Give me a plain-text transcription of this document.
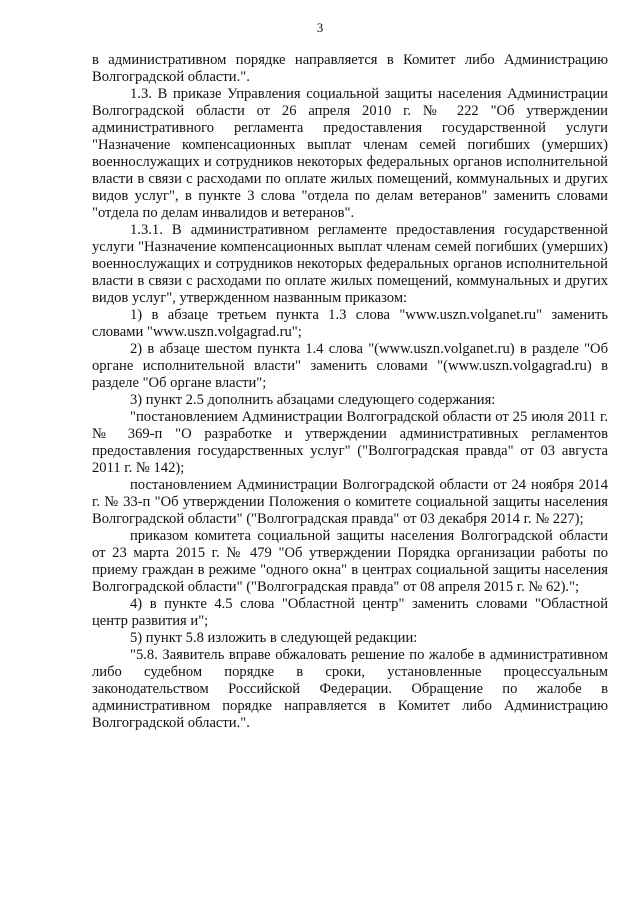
3

в административном порядке направляется в Комитет либо Администрацию Волгоградской области.".

1.3. В приказе Управления социальной защиты населения Администрации Волгоградской области от 26 апреля 2010 г. № 222 "Об утверждении административного регламента предоставления государственной услуги "Назначение компенсационных выплат членам семей погибших (умерших) военнослужащих и сотрудников некоторых федеральных органов исполнительной власти в связи с расходами по оплате жилых помещений, коммунальных и других видов услуг", в пункте 3 слова "отдела по делам ветеранов" заменить словами "отдела по делам инвалидов и ветеранов".

1.3.1. В административном регламенте предоставления государственной услуги "Назначение компенсационных выплат членам семей погибших (умерших) военнослужащих и сотрудников некоторых федеральных органов исполнительной власти в связи с расходами по оплате жилых помещений, коммунальных и других видов услуг", утвержденном названным приказом:

1) в абзаце третьем пункта 1.3 слова "www.uszn.volganet.ru" заменить словами "www.uszn.volgagrad.ru";

2) в абзаце шестом пункта 1.4 слова "(www.uszn.volganet.ru) в разделе "Об органе исполнительной власти" заменить словами "(www.uszn.volgagrad.ru) в разделе "Об органе власти";

3) пункт 2.5 дополнить абзацами следующего содержания:

"постановлением Администрации Волгоградской области от 25 июля 2011 г. № 369-п "О разработке и утверждении административных регламентов предоставления государственных услуг" ("Волгоградская правда" от 03 августа 2011 г. № 142);

постановлением Администрации Волгоградской области от 24 ноября 2014 г. № 33-п "Об утверждении Положения о комитете социальной защиты населения Волгоградской области" ("Волгоградская правда" от 03 декабря 2014 г. № 227);

приказом комитета социальной защиты населения Волгоградской области от 23 марта 2015 г. № 479 "Об утверждении Порядка организации работы по приему граждан в режиме "одного окна" в центрах социальной защиты населения Волгоградской области" ("Волгоградская правда" от 08 апреля 2015 г. № 62).";

4) в пункте 4.5 слова "Областной центр" заменить словами "Областной центр развития и";

5) пункт 5.8 изложить в следующей редакции:

"5.8. Заявитель вправе обжаловать решение по жалобе в административном либо судебном порядке в сроки, установленные процессуальным законодательством Российской Федерации. Обращение по жалобе в административном порядке направляется в Комитет либо Администрацию Волгоградской области.".
